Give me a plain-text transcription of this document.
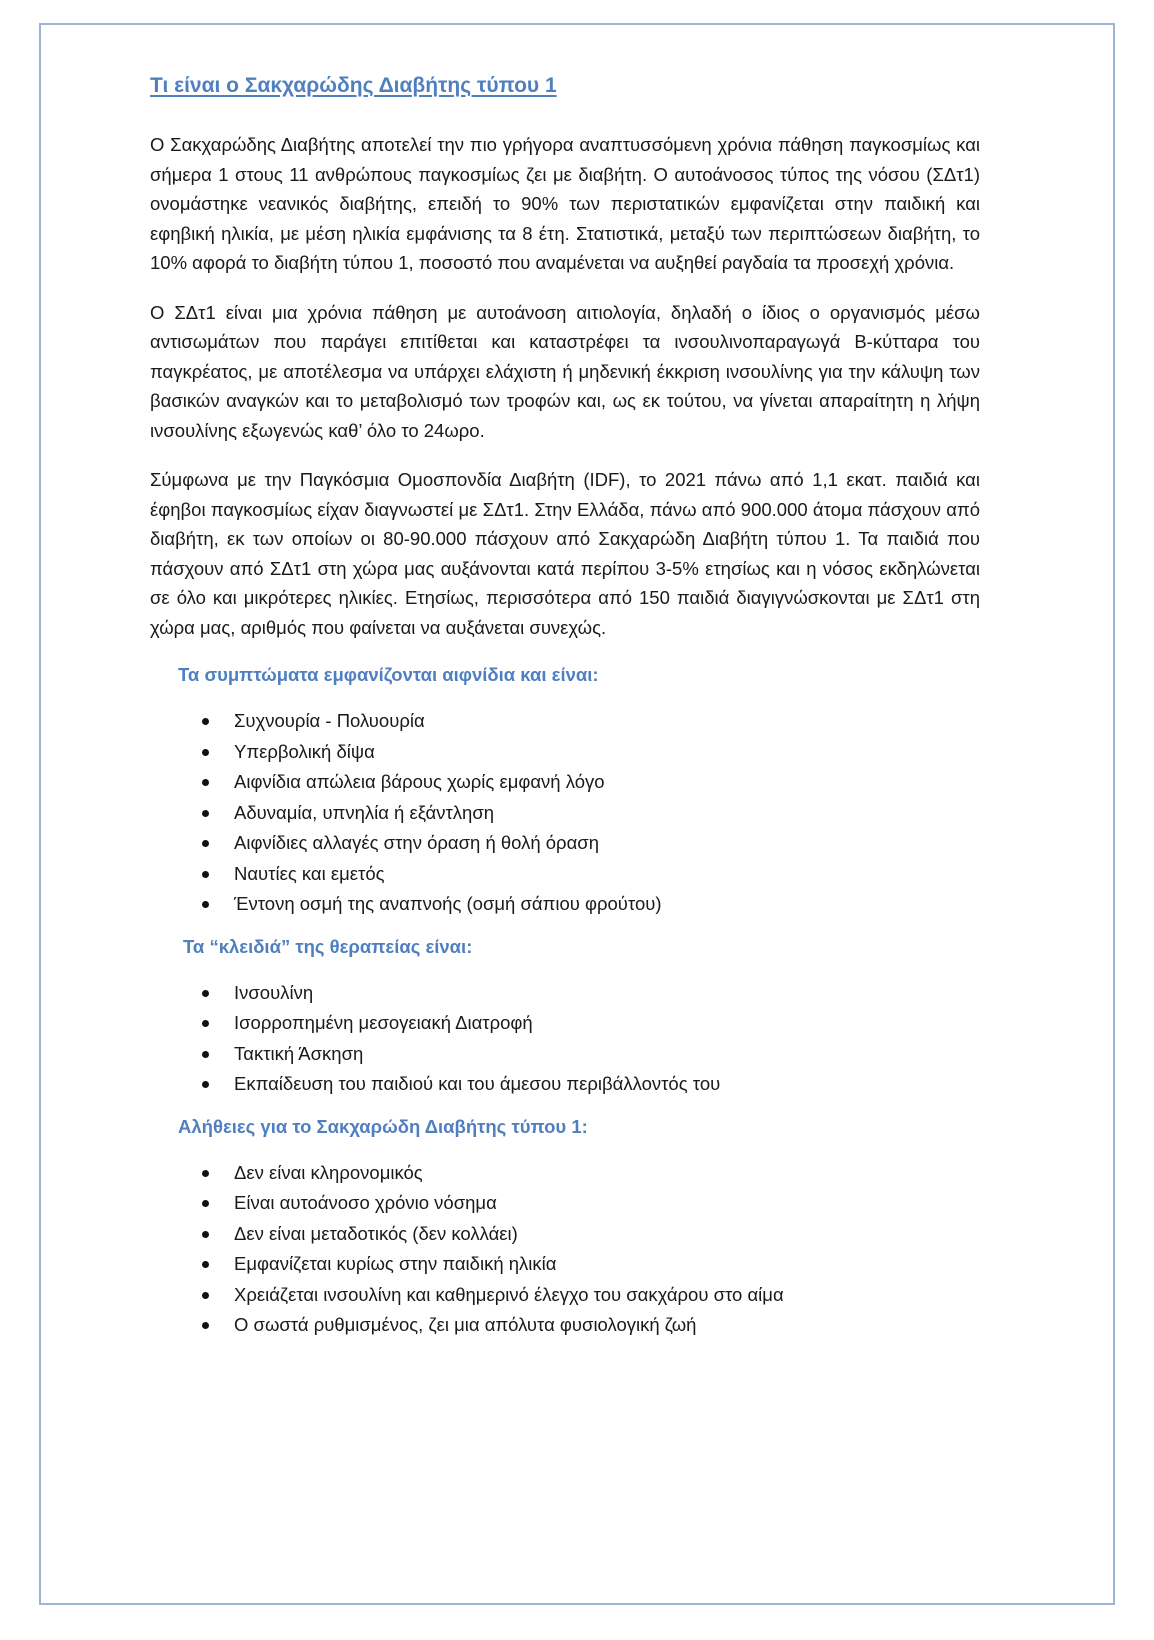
Τι είναι ο Σακχαρώδης Διαβήτης τύπου 1

Ο Σακχαρώδης Διαβήτης αποτελεί την πιο γρήγορα αναπτυσσόμενη χρόνια πάθηση παγκοσμίως και σήμερα 1 στους 11 ανθρώπους παγκοσμίως ζει με διαβήτη. Ο αυτοάνοσος τύπος της νόσου (ΣΔτ1) ονομάστηκε νεανικός διαβήτης, επειδή το 90% των περιστατικών εμφανίζεται στην παιδική και εφηβική ηλικία, με μέση ηλικία εμφάνισης τα 8 έτη. Στατιστικά, μεταξύ των περιπτώσεων διαβήτη, το 10% αφορά το διαβήτη τύπου 1, ποσοστό που αναμένεται να αυξηθεί ραγδαία τα προσεχή χρόνια.

Ο ΣΔτ1 είναι μια χρόνια πάθηση με αυτοάνοση αιτιολογία, δηλαδή ο ίδιος ο οργανισμός μέσω αντισωμάτων που παράγει επιτίθεται και καταστρέφει τα ινσουλινοπαραγωγά Β-κύτταρα του παγκρέατος, με αποτέλεσμα να υπάρχει ελάχιστη ή μηδενική έκκριση ινσουλίνης για την κάλυψη των βασικών αναγκών και το μεταβολισμό των τροφών και, ως εκ τούτου, να γίνεται απαραίτητη η λήψη ινσουλίνης εξωγενώς καθ’ όλο το 24ωρο.

Σύμφωνα με την Παγκόσμια Ομοσπονδία Διαβήτη (IDF), το 2021 πάνω από 1,1 εκατ. παιδιά και έφηβοι παγκοσμίως είχαν διαγνωστεί με ΣΔτ1. Στην Ελλάδα, πάνω από 900.000 άτομα πάσχουν από διαβήτη, εκ των οποίων οι 80-90.000 πάσχουν από Σακχαρώδη Διαβήτη τύπου 1. Τα παιδιά που πάσχουν από ΣΔτ1 στη χώρα μας αυξάνονται κατά περίπου 3-5% ετησίως και η νόσος εκδηλώνεται σε όλο και μικρότερες ηλικίες. Ετησίως, περισσότερα από 150 παιδιά διαγιγνώσκονται με ΣΔτ1 στη χώρα μας, αριθμός που φαίνεται να αυξάνεται συνεχώς.

Τα συμπτώματα εμφανίζονται αιφνίδια και είναι:
Συχνουρία - Πολυουρία
Υπερβολική δίψα
Αιφνίδια απώλεια βάρους χωρίς εμφανή λόγο
Αδυναμία, υπνηλία ή εξάντληση
Αιφνίδιες αλλαγές στην όραση ή θολή όραση
Ναυτίες και εμετός
Έντονη οσμή της αναπνοής (οσμή σάπιου φρούτου)
Τα “κλειδιά” της θεραπείας είναι:
Ινσουλίνη
Ισορροπημένη μεσογειακή Διατροφή
Τακτική Άσκηση
Εκπαίδευση του παιδιού και του άμεσου περιβάλλοντός του
Αλήθειες για το Σακχαρώδη Διαβήτης τύπου 1:
Δεν είναι κληρονομικός
Είναι αυτοάνοσο χρόνιο νόσημα
Δεν είναι μεταδοτικός (δεν κολλάει)
Εμφανίζεται κυρίως στην παιδική ηλικία
Χρειάζεται ινσουλίνη και καθημερινό έλεγχο του σακχάρου στο αίμα
Ο σωστά ρυθμισμένος, ζει μια απόλυτα φυσιολογική ζωή
